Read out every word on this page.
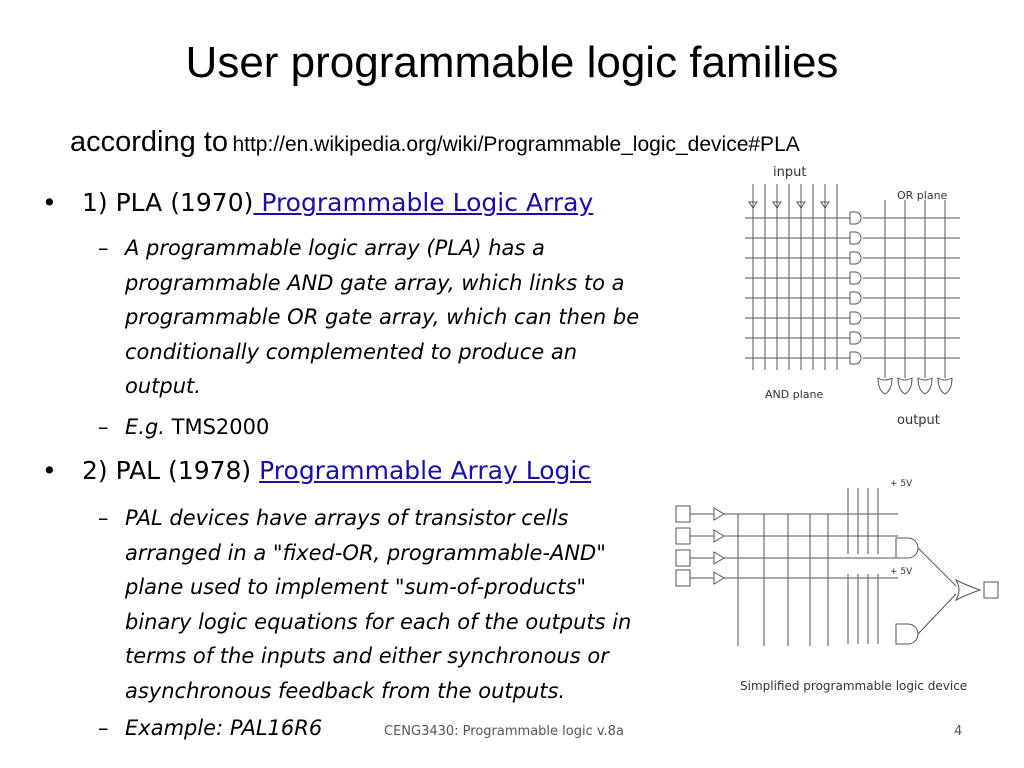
User programmable logic families
according to http://en.wikipedia.org/wiki/Programmable_logic_device#PLA
• 1) PLA (1970) Programmable Logic Array
– A programmable logic array (PLA) has a
programmable AND gate array, which links to a
programmable OR gate array, which can then be
conditionally complemented to produce an
output.
– E.g. TMS2000
• 2) PAL (1978) Programmable Array Logic
– PAL devices have arrays of transistor cells
arranged in a "fixed-OR, programmable-AND"
plane used to implement "sum-of-products"
binary logic equations for each of the outputs in
terms of the inputs and either synchronous or
asynchronous feedback from the outputs.
– Example: PAL16R6
input
OR plane
AND plane
output
+ 5V
+ 5V
Simplified programmable logic device
CENG3430: Programmable logic v.8a	4
